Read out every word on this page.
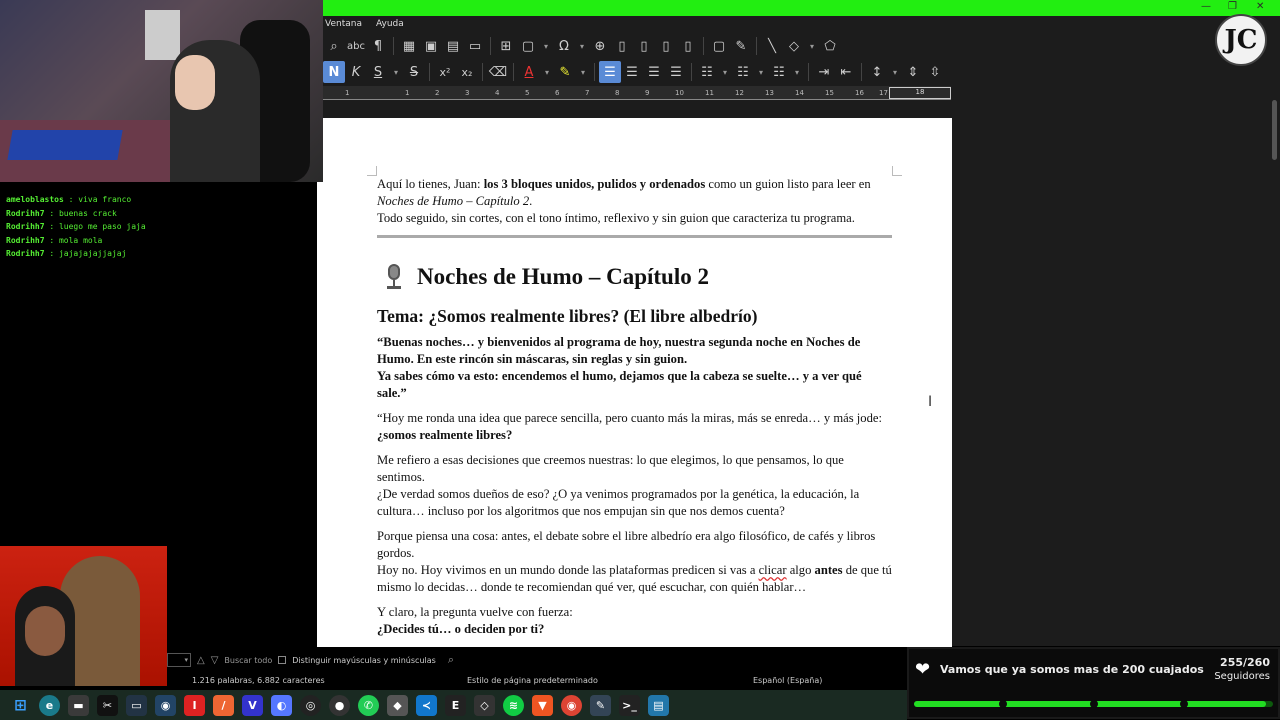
— ❐ ✕
Ventana Ayuda
⌕ abc ¶	▦ ▣ ▤ ▭	⊞ ▢	▾ Ω	▾ ⊕ ▯	▯	▯	▯	▢ ✎	╲	◇	▾ ⬠
N K	S	▾ S	x²	x₂	⌫	A	▾ ✎	▾	☰ ☰ ☰ ☰	☷	▾ ☷	▾ ☷	▾	⇥ ⇤	↕	▾ ⇕ ⇳
1	1	2	3	4	5	6	7	8	9	10	11	12	13	14	15	16 17	18
JC

Aquí lo tienes, Juan: los 3 bloques unidos, pulidos y ordenados como un guion listo para leer en Noches de Humo – Capítulo 2.

Todo seguido, sin cortes, con el tono íntimo, reflexivo y sin guion que caracteriza tu programa.

Noches de Humo – Capítulo 2
Tema: ¿Somos realmente libres? (El libre albedrío)

“Buenas noches… y bienvenidos al programa de hoy, nuestra segunda noche en Noches de Humo. En este rincón sin máscaras, sin reglas y sin guion.
Ya sabes cómo va esto: encendemos el humo, dejamos que la cabeza se suelte… y a ver qué sale.”

“Hoy me ronda una idea que parece sencilla, pero cuanto más la miras, más se enreda… y más jode:
¿somos realmente libres?

Me refiero a esas decisiones que creemos nuestras: lo que elegimos, lo que pensamos, lo que sentimos.
¿De verdad somos dueños de eso? ¿O ya venimos programados por la genética, la educación, la cultura… incluso por los algoritmos que nos empujan sin que nos demos cuenta?

Porque piensa una cosa: antes, el debate sobre el libre albedrío era algo filosófico, de cafés y libros gordos.
Hoy no. Hoy vivimos en un mundo donde las plataformas predicen si vas a clicar algo antes de que tú mismo lo decidas… donde te recomiendan qué ver, qué escuchar, con quién hablar…

Y claro, la pregunta vuelve con fuerza:
¿Decides tú… o deciden por ti?

I
ameloblastos : viva franco
Rodrihh7 : buenas crack
Rodrihh7 : luego me paso jaja
Rodrihh7 : mola mola
Rodrihh7 : jajajajajjajaj
▾ △ ▽ Buscar todo	Distinguir mayúsculas y minúsculas ⌕
1.216 palabras, 6.882 caracteres	Estilo de página predeterminado	Español (España)
❤ Vamos que ya somos mas de 200 cuajados
255/260
Seguidores
⊞	e	▬	✂	▭	◉	I	/	V	◐	◎	●	✆	◆	≺	E	◇	≋	▼	◉	✎	>_	▤
